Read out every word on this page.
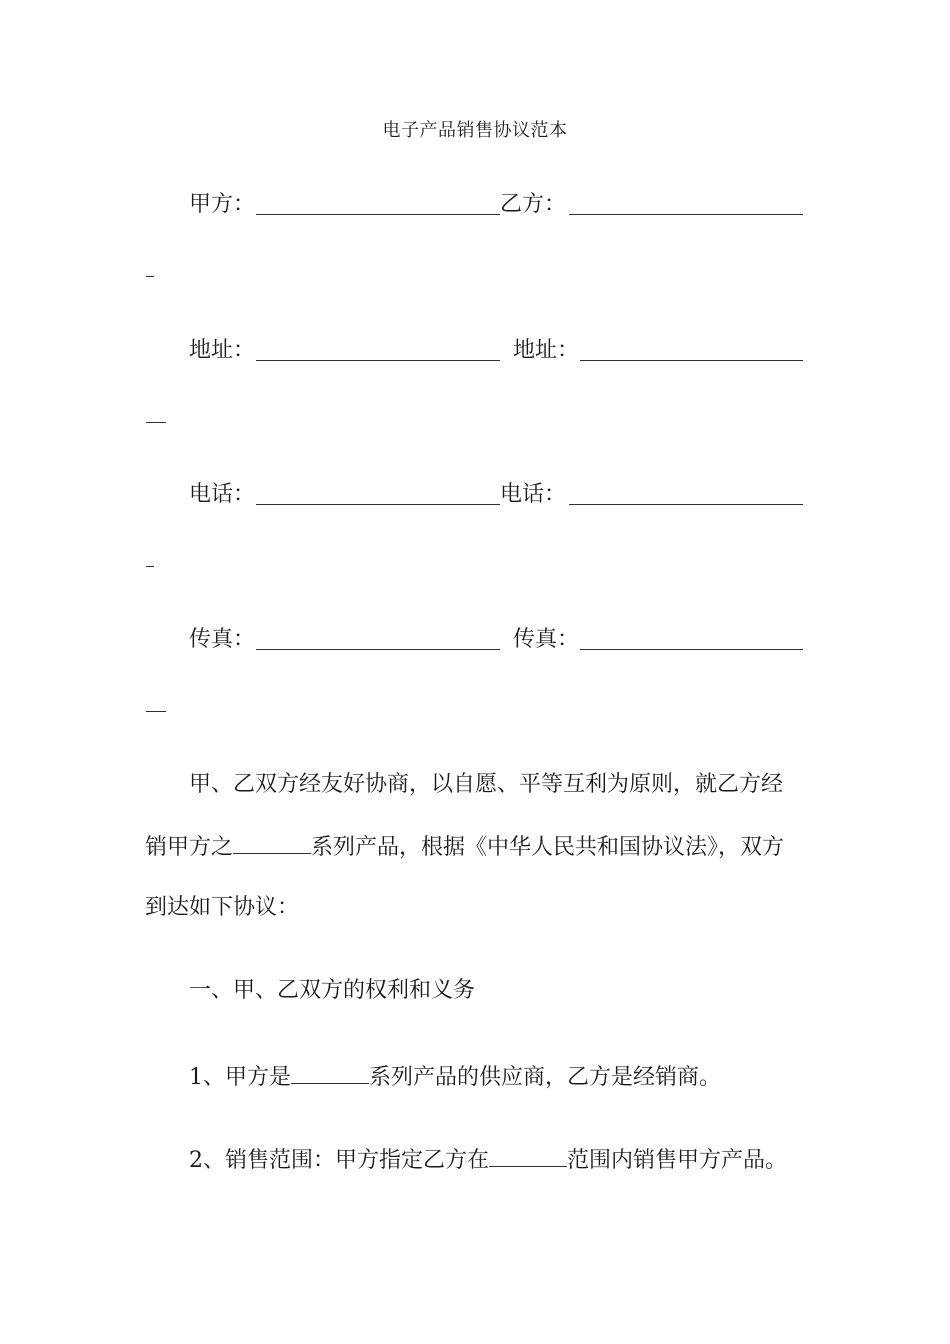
电子产品销售协议范本
甲方：	乙方：
地址：	地址：
电话：	电话：
传真：	传真：
甲、乙双方经友好协商，以自愿、平等互利为原则，就乙方经
销甲方之	系列产品，根据《中华人民共和国协议法》，双方
到达如下协议：
一、甲、乙双方的权利和义务
1、甲方是	系列产品的供应商，乙方是经销商。
2、销售范围：甲方指定乙方在	范围内销售甲方产品。
